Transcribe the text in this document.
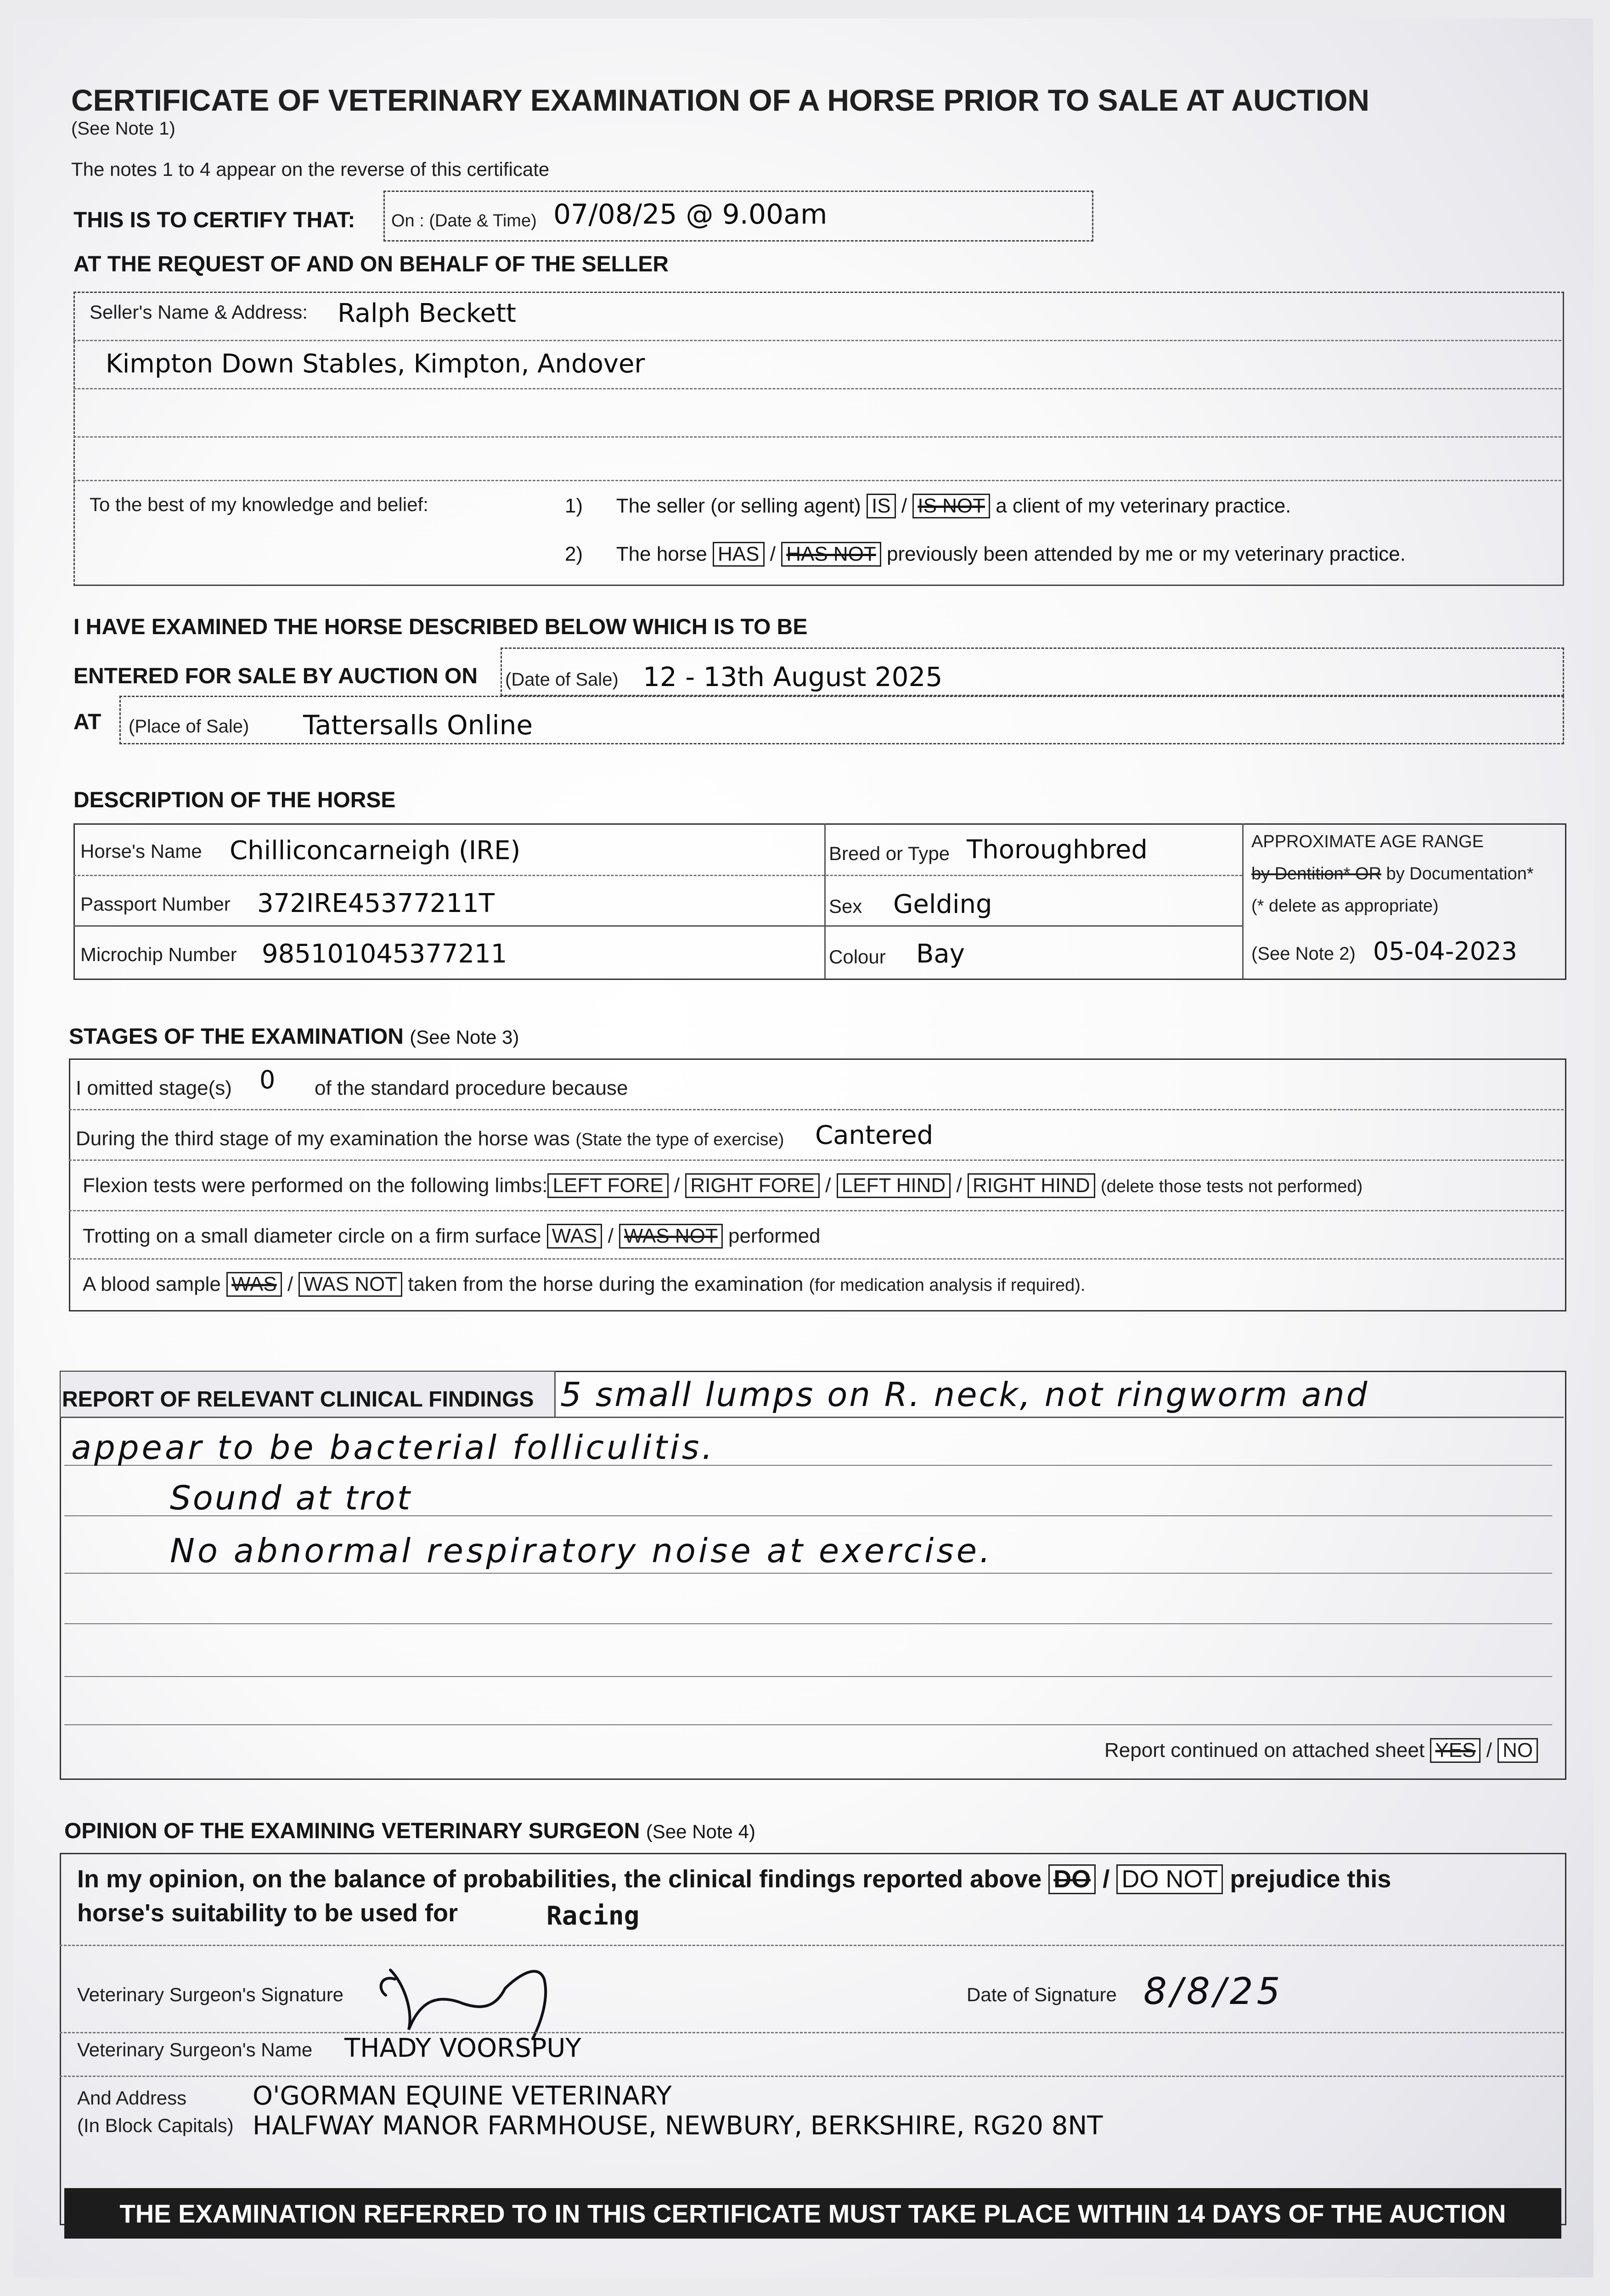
CERTIFICATE OF VETERINARY EXAMINATION OF A HORSE PRIOR TO SALE AT AUCTION
(See Note 1)
The notes 1 to 4 appear on the reverse of this certificate
THIS IS TO CERTIFY THAT: On : (Date & Time) 07/08/25 @ 9.00am
AT THE REQUEST OF AND ON BEHALF OF THE SELLER
Seller's Name & Address: Ralph Beckett
Kimpton Down Stables, Kimpton, Andover
To the best of my knowledge and belief:	1) The seller (or selling agent) IS / IS NOT a client of my veterinary practice.
2) The horse HAS / HAS NOT previously been attended by me or my veterinary practice.
I HAVE EXAMINED THE HORSE DESCRIBED BELOW WHICH IS TO BE
ENTERED FOR SALE BY AUCTION ON (Date of Sale) 12 - 13th August 2025
AT (Place of Sale) Tattersalls Online
DESCRIPTION OF THE HORSE
Horse's Name Chilliconcarneigh (IRE)	Breed or Type Thoroughbred
Passport Number 372IRE45377211T	Sex Gelding
Microchip Number 985101045377211	Colour Bay
APPROXIMATE AGE RANGE
by Dentition* OR by Documentation*
(* delete as appropriate)
(See Note 2) 05-04-2023
STAGES OF THE EXAMINATION (See Note 3)
I omitted stage(s) 0 of the standard procedure because
During the third stage of my examination the horse was (State the type of exercise) Cantered
Flexion tests were performed on the following limbs: LEFT FORE / RIGHT FORE / LEFT HIND / RIGHT HIND (delete those tests not performed)
Trotting on a small diameter circle on a firm surface WAS / WAS NOT performed
A blood sample WAS / WAS NOT taken from the horse during the examination (for medication analysis if required).
REPORT OF RELEVANT CLINICAL FINDINGS 5 small lumps on R. neck, not ringworm and
appear to be bacterial folliculitis.
Sound at trot
No abnormal respiratory noise at exercise.
Report continued on attached sheet YES / NO
OPINION OF THE EXAMINING VETERINARY SURGEON (See Note 4)
In my opinion, on the balance of probabilities, the clinical findings reported above DO / DO NOT prejudice this
horse's suitability to be used for	Racing
Veterinary Surgeon's Signature	Date of Signature 8/8/25
Veterinary Surgeon's Name THADY VOORSPUY
And Address
(In Block Capitals)
O'GORMAN EQUINE VETERINARY
HALFWAY MANOR FARMHOUSE, NEWBURY, BERKSHIRE, RG20 8NT
THE EXAMINATION REFERRED TO IN THIS CERTIFICATE MUST TAKE PLACE WITHIN 14 DAYS OF THE AUCTION
